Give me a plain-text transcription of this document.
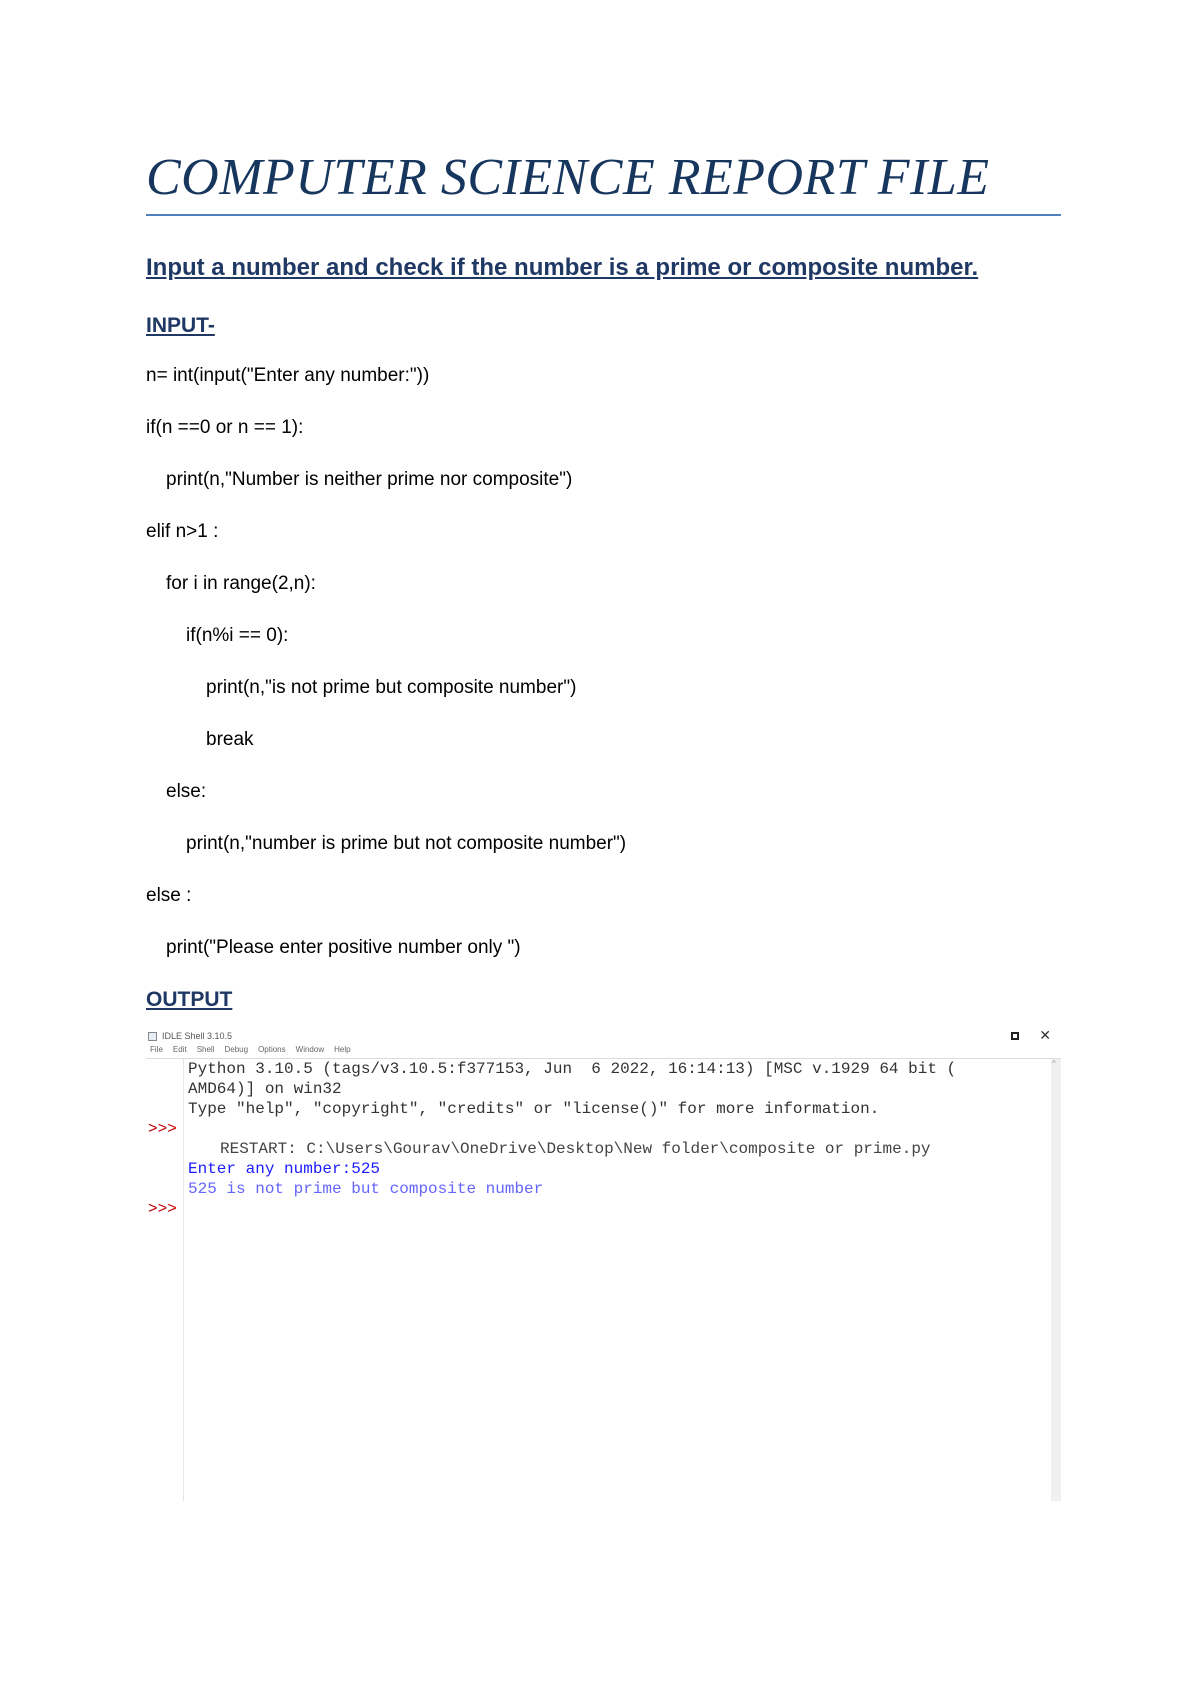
COMPUTER SCIENCE REPORT FILE
Input a number and check if the number is a prime or composite number.
INPUT-
n= int(input("Enter any number:"))
if(n ==0 or n == 1):
print(n,"Number is neither prime nor composite")
elif n>1 :
for i in range(2,n):
if(n%i == 0):
print(n,"is not prime but composite number")
break
else:
print(n,"number is prime but not composite number")
else :
print("Please enter positive number only ")
OUTPUT
IDLE Shell 3.10.5	✕
File Edit Shell Debug Options Window Help
>>>
>>>
Python 3.10.5 (tags/v3.10.5:f377153, Jun  6 2022, 16:14:13) [MSC v.1929 64 bit (
AMD64)] on win32
Type "help", "copyright", "credits" or "license()" for more information.
RESTART: C:\Users\Gourav\OneDrive\Desktop\New folder\composite or prime.py
Enter any number:525
525 is not prime but composite number
^
